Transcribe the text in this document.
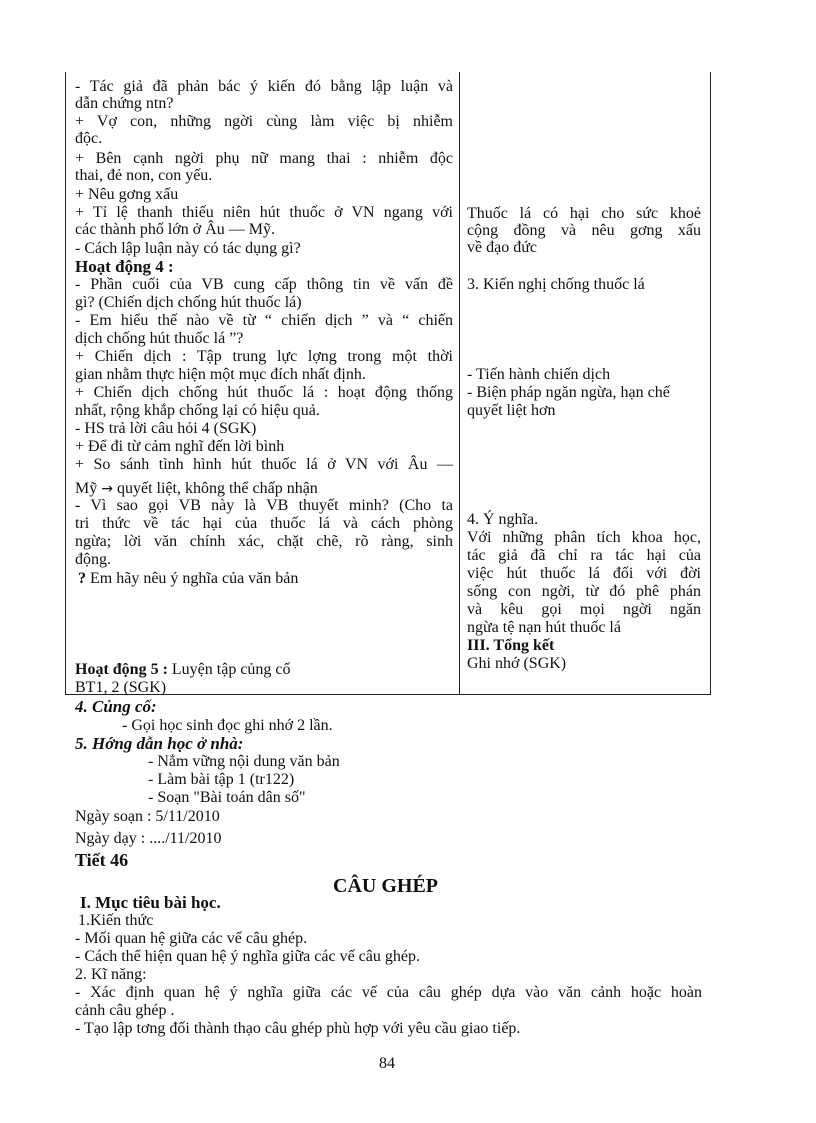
- Tác giả đã phản bác ý kiến đó bằng lập luận và
dẫn chứng ntn?
+ Vợ con, những ngời cùng làm việc bị nhiễm
độc.
+ Bên cạnh ngời phụ nữ mang thai : nhiễm độc
thai, đẻ non, con yếu.
+ Nêu gơng xấu
+ Tỉ lệ thanh thiếu niên hút thuốc ở VN ngang với
các thành phố lớn ở Âu — Mỹ.
- Cách lập luận này có tác dụng gì?
Hoạt động 4 :
- Phần cuối của VB cung cấp thông tin về vấn đề
gì? (Chiến dịch chống hút thuốc lá)
- Em hiểu thế nào về từ “ chiến dịch ” và “ chiến
dịch chống hút thuốc lá ”?
+ Chiến dịch : Tập trung lực lợng trong một thời
gian nhằm thực hiện một mục đích nhất định.
+ Chiến dịch chống hút thuốc lá : hoạt động thống
nhất, rộng khắp chống lại có hiệu quả.
- HS trả lời câu hỏi 4 (SGK)
+ Để đi từ cảm nghĩ đến lời bình
+ So sánh tình hình hút thuốc lá ở VN với Âu —
Mỹ → quyết liệt, không thể chấp nhận
- Vì sao gọi VB này là VB thuyết minh? (Cho ta
tri thức về tác hại của thuốc lá và cách phòng
ngừa; lời văn chính xác, chặt chẽ, rõ ràng, sinh
động.
? Em hãy nêu ý nghĩa của văn bản
Hoạt động 5 : Luyện tập củng cố
BT1, 2 (SGK)
Thuốc lá có hại cho sức khoẻ
cộng đồng và nêu gơng xấu
về đạo đức
3. Kiến nghị chống thuốc lá
- Tiến hành chiến dịch
- Biện pháp ngăn ngừa, hạn chế
quyết liệt hơn
4. Ý nghĩa.
Với những phân tích khoa học,
tác giả đã chỉ ra tác hại của
việc hút thuốc lá đối với đời
sống con ngời, từ đó phê phán
và kêu gọi mọi ngời ngăn
ngừa tệ nạn hút thuốc lá
III. Tổng kết
Ghi nhớ (SGK)
4. Củng cố:
- Gọi học sinh đọc ghi nhớ 2 lần.
5. Hớng dẫn học ở nhà:
- Nắm vững nội dung văn bản
- Làm bài tập 1 (tr122)
- Soạn "Bài toán dân số"
Ngày soạn : 5/11/2010
Ngày dạy : ..../11/2010
Tiết 46
CÂU GHÉP
I. Mục tiêu bài học.
1.Kiến thức
- Mối quan hệ giữa các vế câu ghép.
- Cách thể hiện quan hệ ý nghĩa giữa các vế câu ghép.
2. Kĩ năng:
- Xác định quan hệ ý nghĩa giữa các vế của câu ghép dựa vào văn cảnh hoặc hoàn
cảnh câu ghép .
- Tạo lập tơng đối thành thạo câu ghép phù hợp với yêu cầu giao tiếp.
84
